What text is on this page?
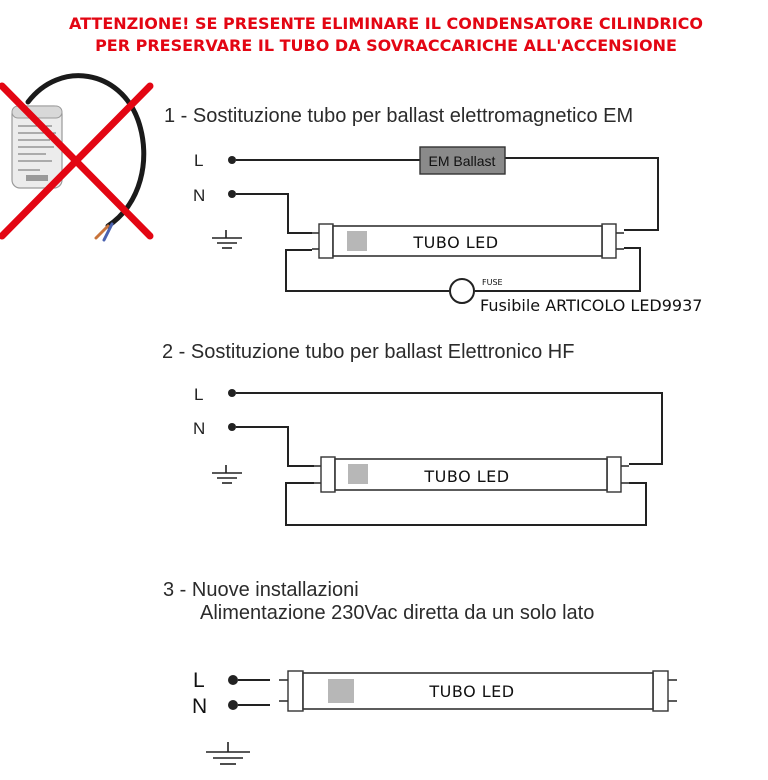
ATTENZIONE! SE PRESENTE ELIMINARE IL CONDENSATORE CILINDRICO
PER PRESERVARE IL TUBO DA SOVRACCARICHE ALL'ACCENSIONE
1 - Sostituzione tubo per ballast elettromagnetico EM
L
N
EM Ballast
FUSE
Fusibile ARTICOLO LED9937
TUBO LED
2 - Sostituzione tubo per ballast Elettronico HF
L
N
TUBO LED
3 - Nuove installazioni
Alimentazione 230Vac diretta da un solo lato
L
N
TUBO LED
